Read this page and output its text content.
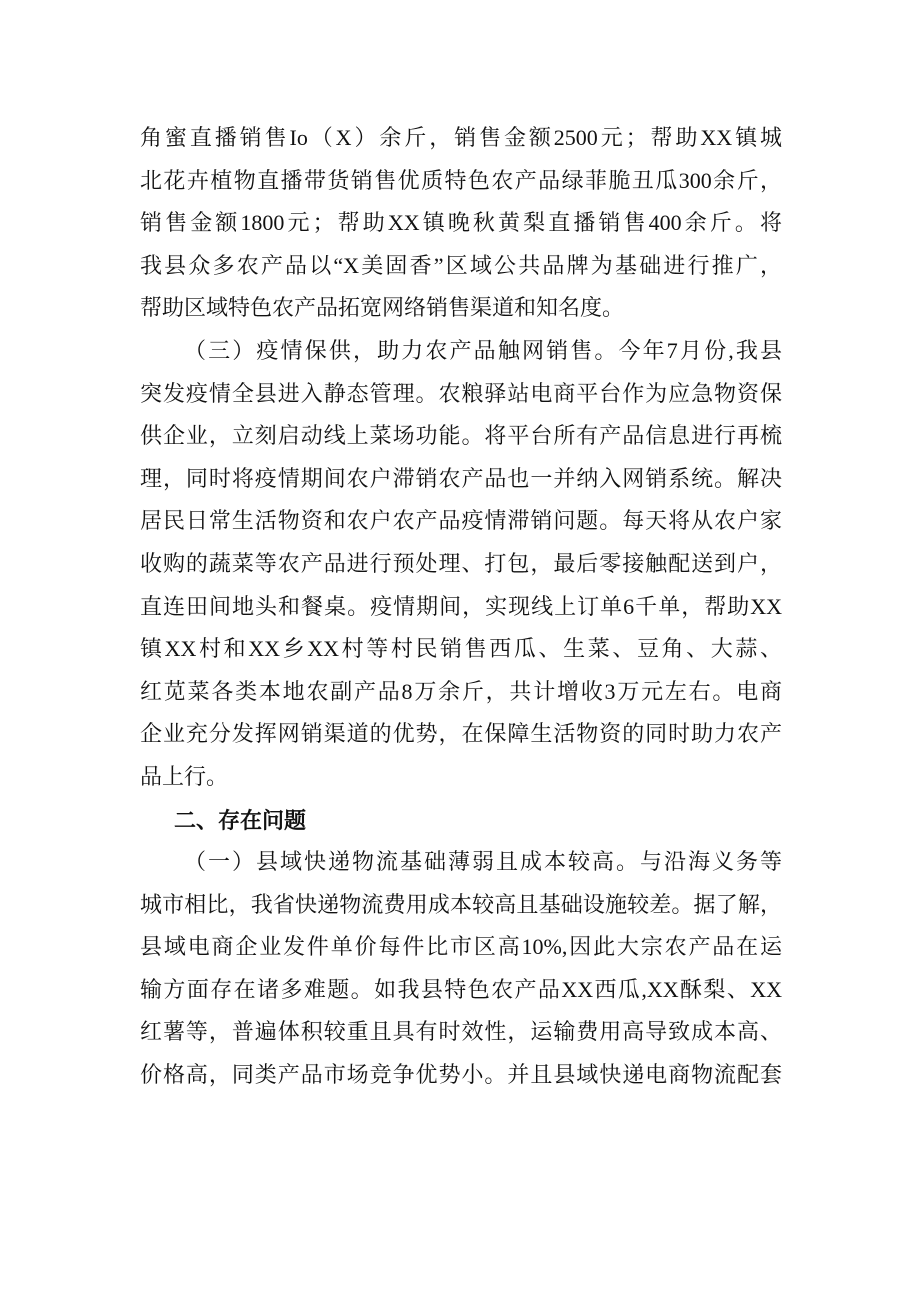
角蜜直播销售Io（X）余斤，销售金额2500元；帮助XX镇城
北花卉植物直播带货销售优质特色农产品绿菲脆丑瓜300余斤，
销售金额1800元；帮助XX镇晚秋黄梨直播销售400余斤。将
我县众多农产品以“X美固香”区域公共品牌为基础进行推广，
帮助区域特色农产品拓宽网络销售渠道和知名度。
（三）疫情保供，助力农产品触网销售。今年7月份,我县
突发疫情全县进入静态管理。农粮驿站电商平台作为应急物资保
供企业，立刻启动线上菜场功能。将平台所有产品信息进行再梳
理，同时将疫情期间农户滞销农产品也一并纳入网销系统。解决
居民日常生活物资和农户农产品疫情滞销问题。每天将从农户家
收购的蔬菜等农产品进行预处理、打包，最后零接触配送到户，
直连田间地头和餐桌。疫情期间，实现线上订单6千单，帮助XX
镇XX村和XX乡XX村等村民销售西瓜、生菜、豆角、大蒜、
红苋菜各类本地农副产品8万余斤，共计增收3万元左右。电商
企业充分发挥网销渠道的优势，在保障生活物资的同时助力农产
品上行。
二、存在问题
（一）县域快递物流基础薄弱且成本较高。与沿海义务等
城市相比，我省快递物流费用成本较高且基础设施较差。据了解，
县域电商企业发件单价每件比市区高10%,因此大宗农产品在运
输方面存在诸多难题。如我县特色农产品XX西瓜,XX酥梨、XX
红薯等，普遍体积较重且具有时效性，运输费用高导致成本高、
价格高，同类产品市场竞争优势小。并且县域快递电商物流配套
